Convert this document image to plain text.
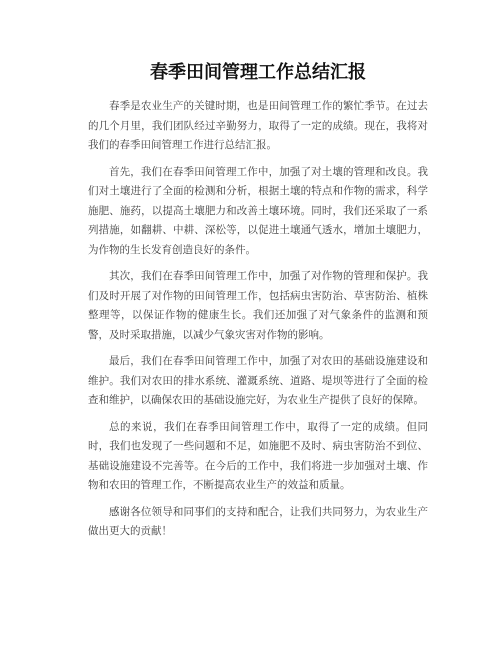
春季田间管理工作总结汇报

春季是农业生产的关键时期，也是田间管理工作的繁忙季节。在过去的几个月里，我们团队经过辛勤努力，取得了一定的成绩。现在，我将对我们的春季田间管理工作进行总结汇报。

首先，我们在春季田间管理工作中，加强了对土壤的管理和改良。我们对土壤进行了全面的检测和分析，根据土壤的特点和作物的需求，科学施肥、施药，以提高土壤肥力和改善土壤环境。同时，我们还采取了一系列措施，如翻耕、中耕、深松等，以促进土壤通气透水，增加土壤肥力，为作物的生长发育创造良好的条件。

其次，我们在春季田间管理工作中，加强了对作物的管理和保护。我们及时开展了对作物的田间管理工作，包括病虫害防治、草害防治、植株整理等，以保证作物的健康生长。我们还加强了对气象条件的监测和预警，及时采取措施，以减少气象灾害对作物的影响。

最后，我们在春季田间管理工作中，加强了对农田的基础设施建设和维护。我们对农田的排水系统、灌溉系统、道路、堤坝等进行了全面的检查和维护，以确保农田的基础设施完好，为农业生产提供了良好的保障。

总的来说，我们在春季田间管理工作中，取得了一定的成绩。但同时，我们也发现了一些问题和不足，如施肥不及时、病虫害防治不到位、基础设施建设不完善等。在今后的工作中，我们将进一步加强对土壤、作物和农田的管理工作，不断提高农业生产的效益和质量。

感谢各位领导和同事们的支持和配合，让我们共同努力，为农业生产做出更大的贡献！
